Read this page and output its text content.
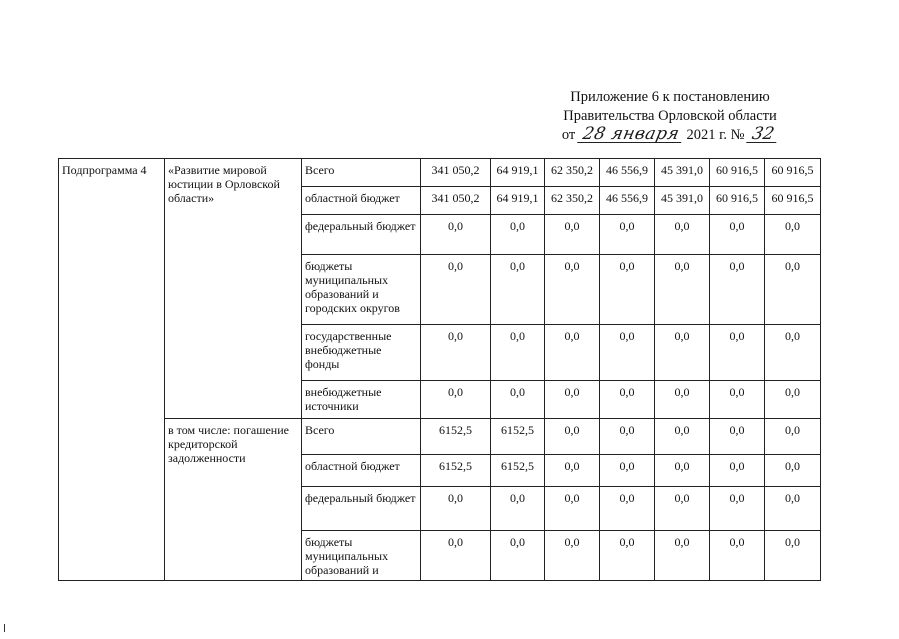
Приложение 6 к постановлению
Правительства Орловской области
от 28 января 2021 г. № 32
Подпрограмма 4	«Развитие мировой юстиции в Орловской области»	Всего	341 050,2	64 919,1	62 350,2	46 556,9	45 391,0	60 916,5	60 916,5
		областной бюджет	341 050,2	64 919,1	62 350,2	46 556,9	45 391,0	60 916,5	60 916,5
		федеральный бюджет	0,0	0,0	0,0	0,0	0,0	0,0	0,0
		бюджеты муниципальных образований и городских округов	0,0	0,0	0,0	0,0	0,0	0,0	0,0
		государственные внебюджетные фонды	0,0	0,0	0,0	0,0	0,0	0,0	0,0
		внебюджетные источники	0,0	0,0	0,0	0,0	0,0	0,0	0,0
	в том числе: погашение кредиторской задолженности	Всего	6152,5	6152,5	0,0	0,0	0,0	0,0	0,0
		областной бюджет	6152,5	6152,5	0,0	0,0	0,0	0,0	0,0
		федеральный бюджет	0,0	0,0	0,0	0,0	0,0	0,0	0,0
		бюджеты муниципальных образований и	0,0	0,0	0,0	0,0	0,0	0,0	0,0
